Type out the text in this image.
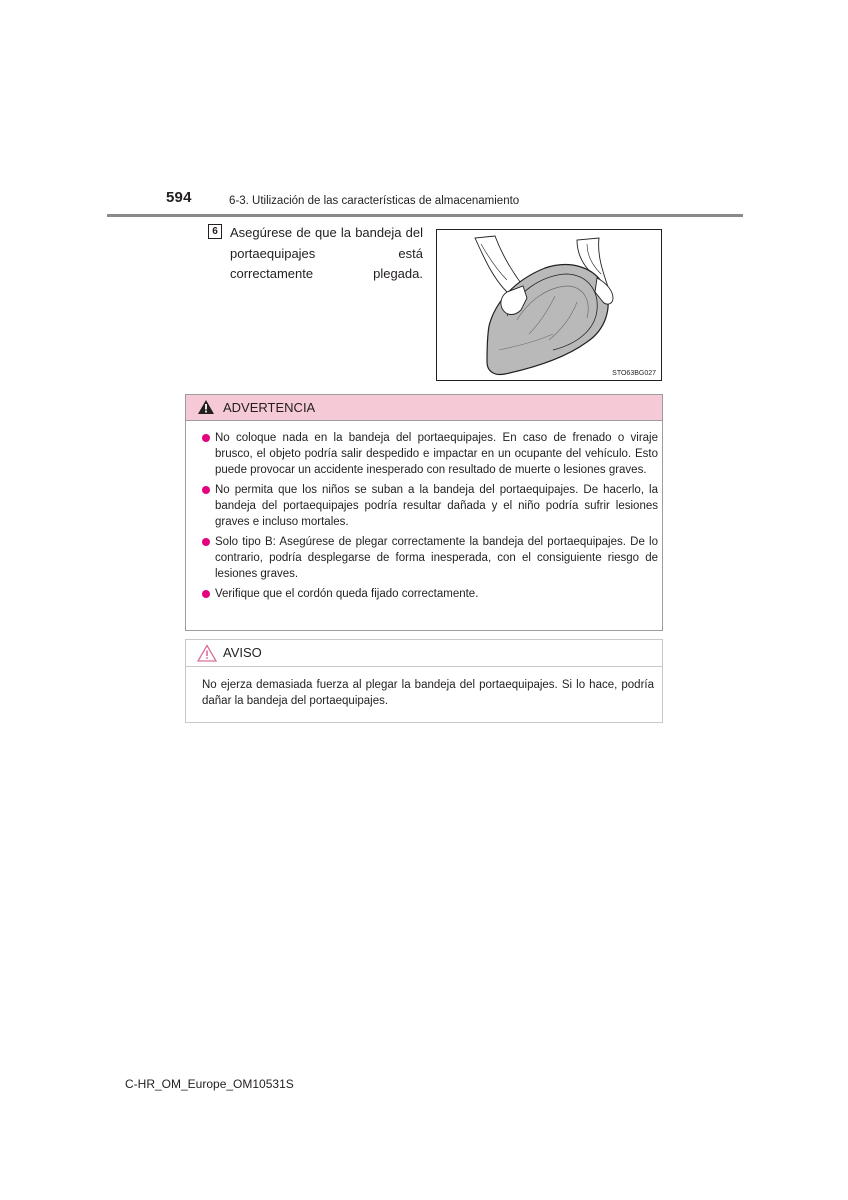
594	6-3. Utilización de las características de almacenamiento
6 Asegúrese de que la bandeja del portaequipajes está correctamente plegada.
STO63BG027
ADVERTENCIA
No coloque nada en la bandeja del portaequipajes. En caso de frenado o viraje brusco, el objeto podría salir despedido e impactar en un ocupante del vehículo. Esto puede provocar un accidente inesperado con resultado de muerte o lesiones graves.
No permita que los niños se suban a la bandeja del portaequipajes. De hacerlo, la bandeja del portaequipajes podría resultar dañada y el niño podría sufrir lesiones graves e incluso mortales.
Solo tipo B: Asegúrese de plegar correctamente la bandeja del portaequipajes. De lo contrario, podría desplegarse de forma inesperada, con el consiguiente riesgo de lesiones graves.
Verifique que el cordón queda fijado correctamente.
AVISO
No ejerza demasiada fuerza al plegar la bandeja del portaequipajes. Si lo hace, podría dañar la bandeja del portaequipajes.
C-HR_OM_Europe_OM10531S
